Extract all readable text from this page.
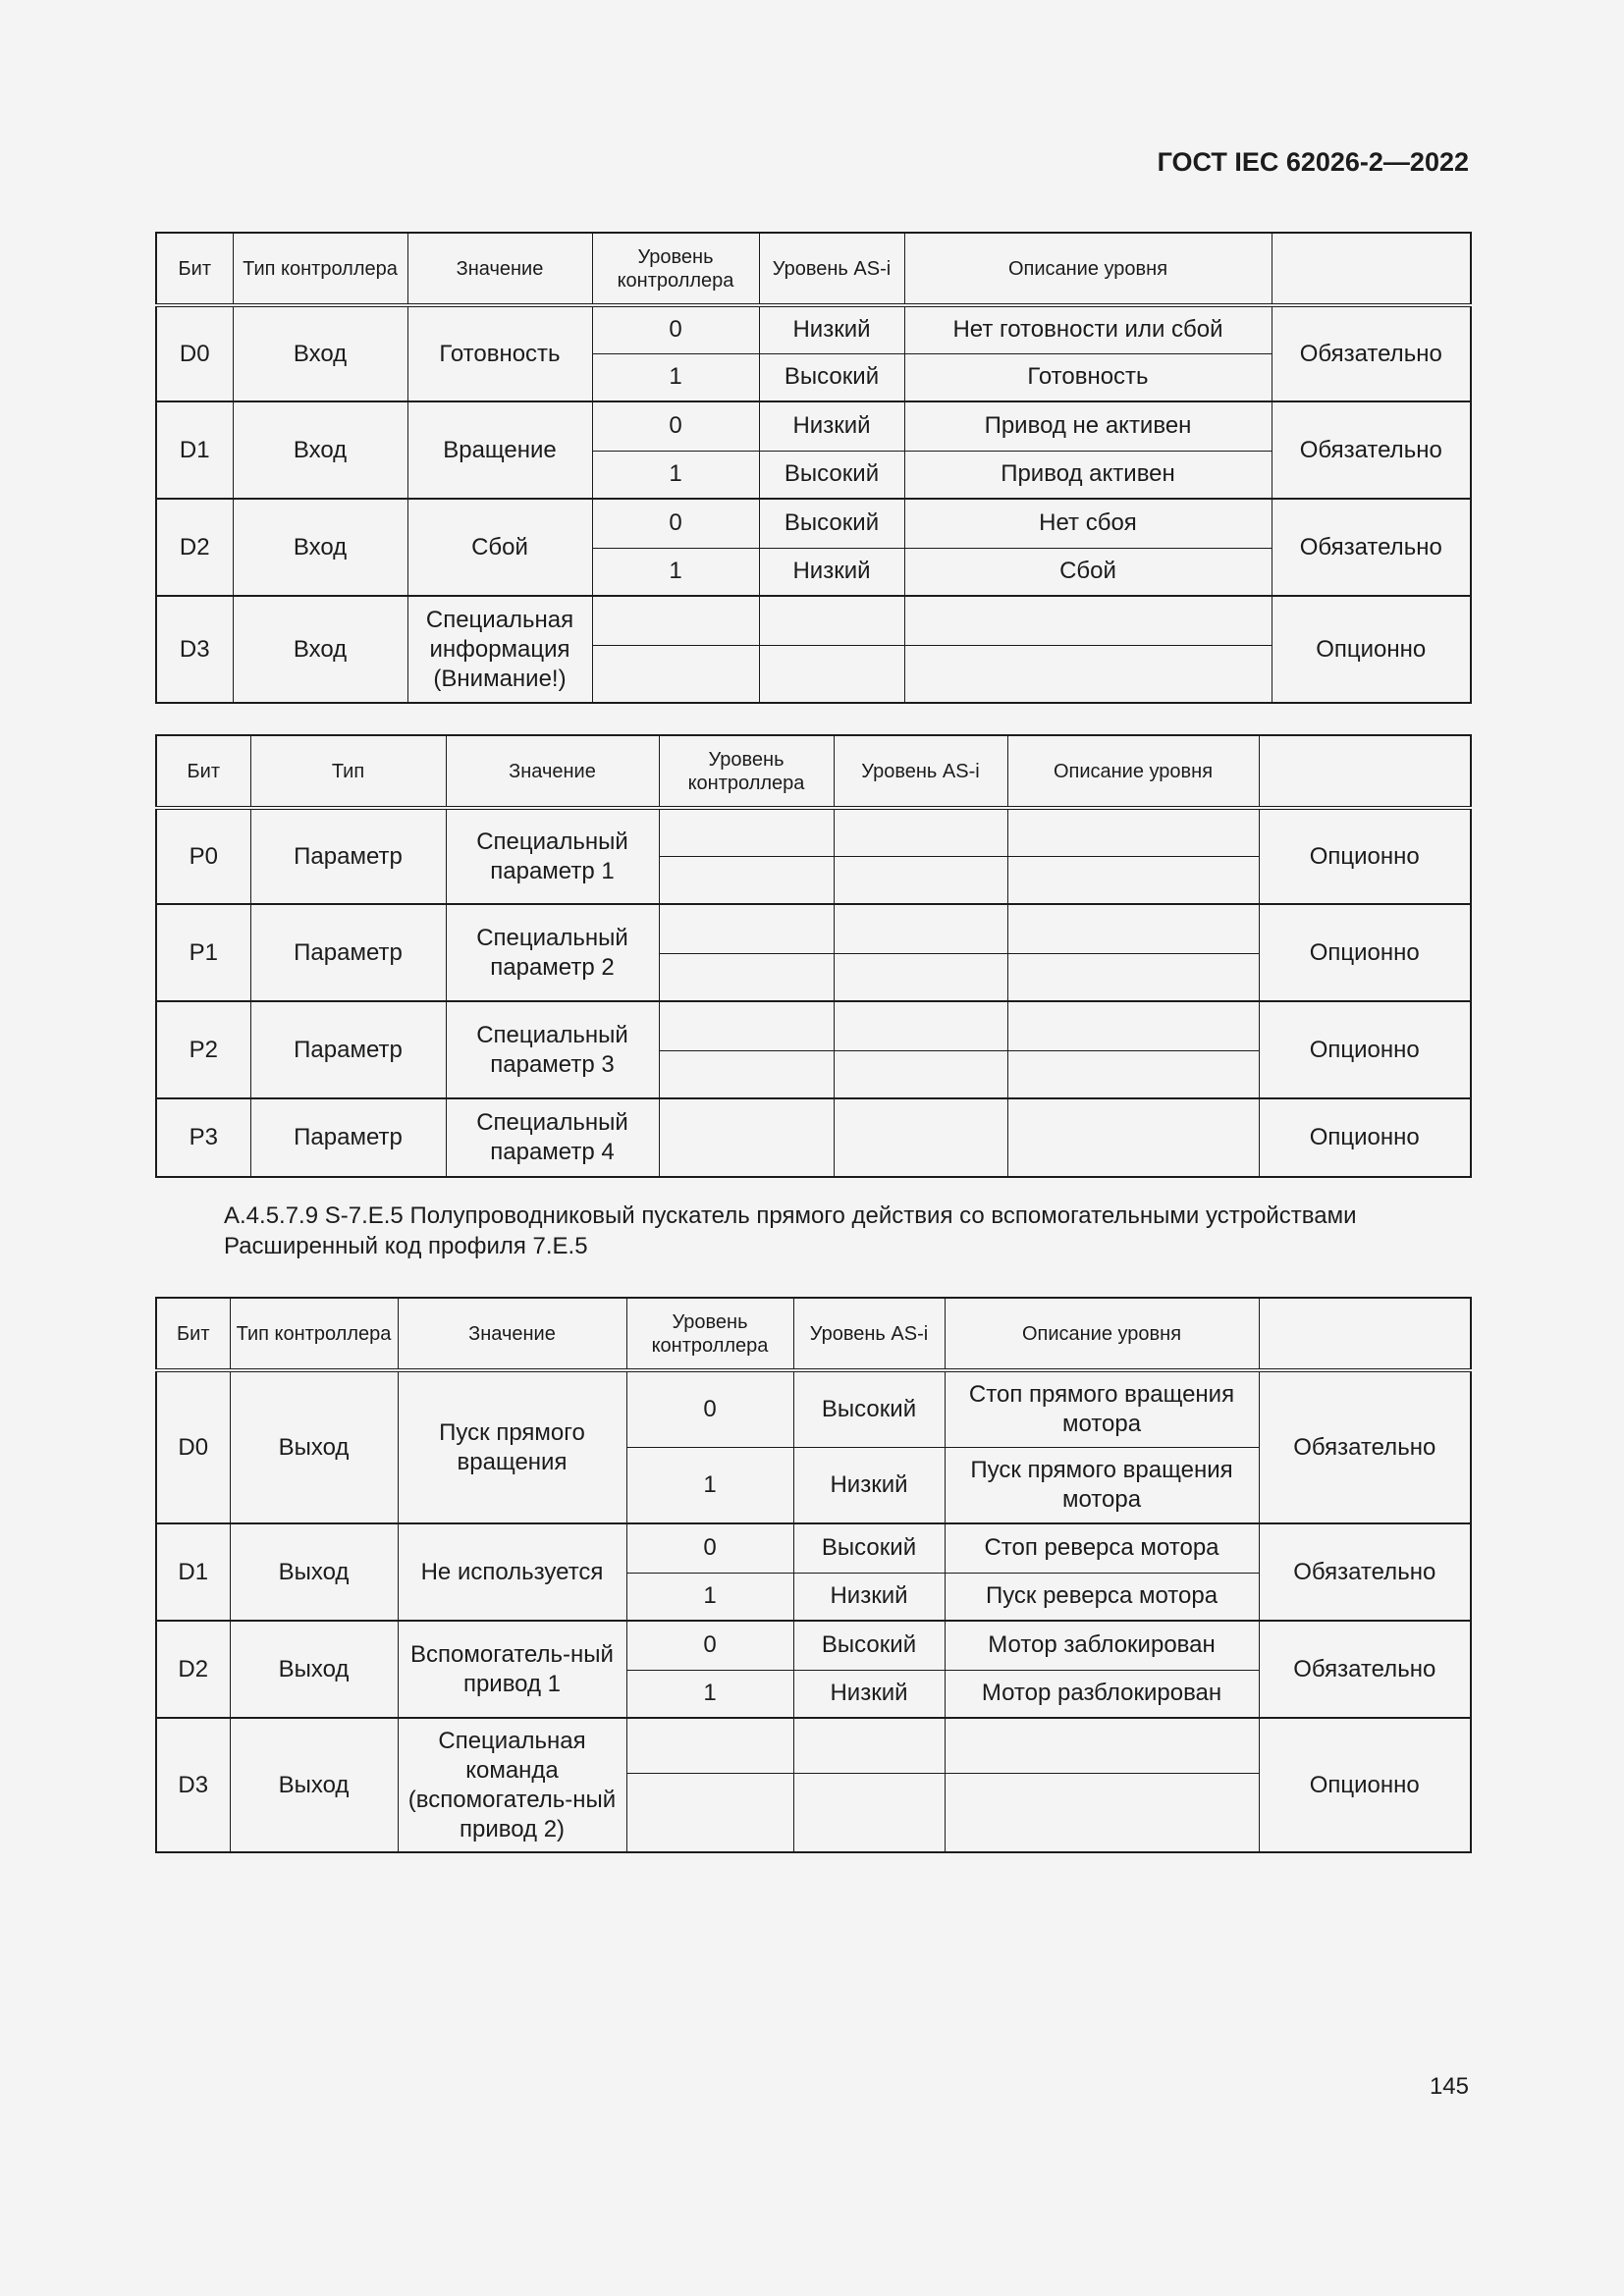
ГОСТ IEC 62026-2—2022
Бит	Тип контроллера	Значение	Уровень контроллера	Уровень AS-i	Описание уровня	
D0	Вход	Готовность	0	Низкий	Нет готовности или сбой	Обязательно
			1	Высокий	Готовность	
D1	Вход	Вращение	0	Низкий	Привод не активен	Обязательно
			1	Высокий	Привод активен	
D2	Вход	Сбой	0	Высокий	Нет сбоя	Обязательно
			1	Низкий	Сбой	
D3	Вход	Специальная информация (Внимание!)				Опционно

Бит	Тип	Значение	Уровень контроллера	Уровень AS-i	Описание уровня	
P0	Параметр	Специальный параметр 1				Опционно

P1	Параметр	Специальный параметр 2				Опционно

P2	Параметр	Специальный параметр 3				Опционно

P3	Параметр	Специальный параметр 4				Опционно
А.4.5.7.9 S-7.E.5 Полупроводниковый пускатель прямого действия со вспомогательными устройствами
Расширенный код профиля 7.E.5
Бит	Тип контроллера	Значение	Уровень контроллера	Уровень AS-i	Описание уровня	
D0	Выход	Пуск прямого вращения	0	Высокий	Стоп прямого вращения мотора	Обязательно
			1	Низкий	Пуск прямого вращения мотора	
D1	Выход	Не используется	0	Высокий	Стоп реверса мотора	Обязательно
			1	Низкий	Пуск реверса мотора	
D2	Выход	Вспомогатель-ный привод 1	0	Высокий	Мотор заблокирован	Обязательно
			1	Низкий	Мотор разблокирован	
D3	Выход	Специальная команда (вспомогатель-ный привод 2)				Опционно

145
